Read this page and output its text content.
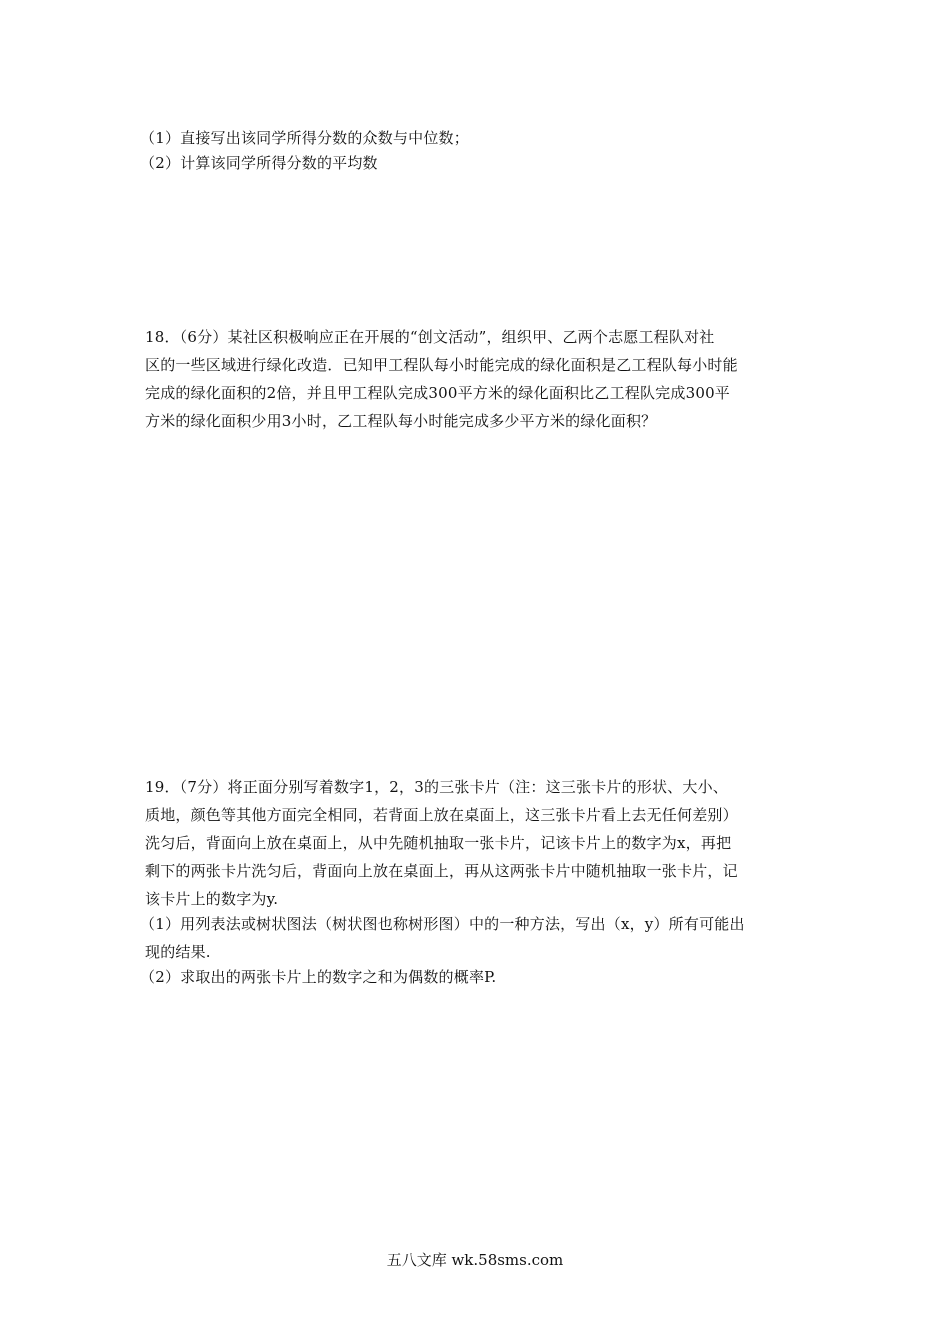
（1）直接写出该同学所得分数的众数与中位数；
（2）计算该同学所得分数的平均数
18．（6分）某社区积极响应正在开展的“创文活动”，组织甲、乙两个志愿工程队对社
区的一些区域进行绿化改造．已知甲工程队每小时能完成的绿化面积是乙工程队每小时能
完成的绿化面积的2倍，并且甲工程队完成300平方米的绿化面积比乙工程队完成300平
方米的绿化面积少用3小时，乙工程队每小时能完成多少平方米的绿化面积？
19．（7分）将正面分别写着数字1，2，3的三张卡片（注：这三张卡片的形状、大小、
质地，颜色等其他方面完全相同，若背面上放在桌面上，这三张卡片看上去无任何差别）
洗匀后，背面向上放在桌面上，从中先随机抽取一张卡片，记该卡片上的数字为x，再把
剩下的两张卡片洗匀后，背面向上放在桌面上，再从这两张卡片中随机抽取一张卡片，记
该卡片上的数字为y.
（1）用列表法或树状图法（树状图也称树形图）中的一种方法，写出（x，y）所有可能出
现的结果.
（2）求取出的两张卡片上的数字之和为偶数的概率P.
五八文库 wk.58sms.com
